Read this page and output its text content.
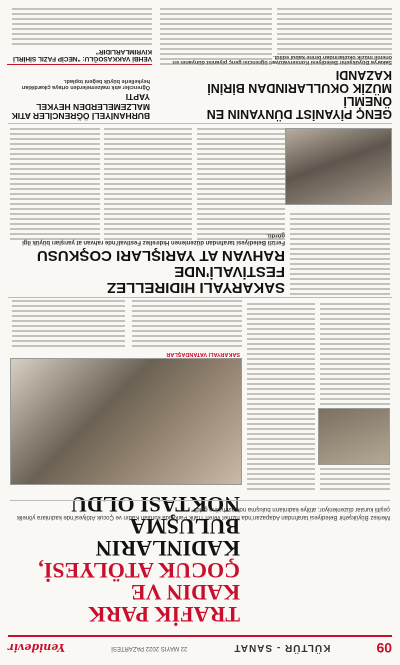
09
KÜLTÜR - SANAT
22 MAYIS 2022 PAZARTESİ
Yenidevir
TRAFİK PARK KADIN VE
ÇOCUK ATÖLYESİ,
KADINLARIN BULUŞMA
NOKTASI OLDU
Merkez Büyükşehir Belediyesi tarafından Adapazarı'nda hizmet veren Trafik Parkı'nda kurulan Kadın ve Çocuk Atölyesi'nde kadınlara yönelik çeşitli kurslar düzenleniyor; atölye kadınların buluşma noktası haline geldi.
SAKARYALI VATANDAŞLAR
SAKARYALI HIDIRELLEZ FESTİVALİ'NDE
RAHVAN AT YARIŞLARI COŞKUSU
Ferizli Belediyesi tarafından düzenlenen Hıdırellez Festivali'nde rahvan at yarışları büyük ilgi gördü.
GENÇ PİYANİST DÜNYANIN EN ÖNEMLİ
MÜZİK OKULLARINDAN BİRİNİ KAZANDI
Sakarya Büyükşehir Belediyesi Konservatuvarı öğrencisi genç piyanist dünyanın en önemli müzik okullarından birine kabul edildi.
BURHANİYELİ ÖĞRENCİLER ATIK
MALZEMELERDEN HEYKEL YAPTI
Öğrenciler atık malzemelerden ortaya çıkardıkları heykellerle büyük beğeni topladı.
VEHBİ VAKKASOĞLU: "NECİP FAZIL SİHİRLİ KIVRIMLARLIDIR"
